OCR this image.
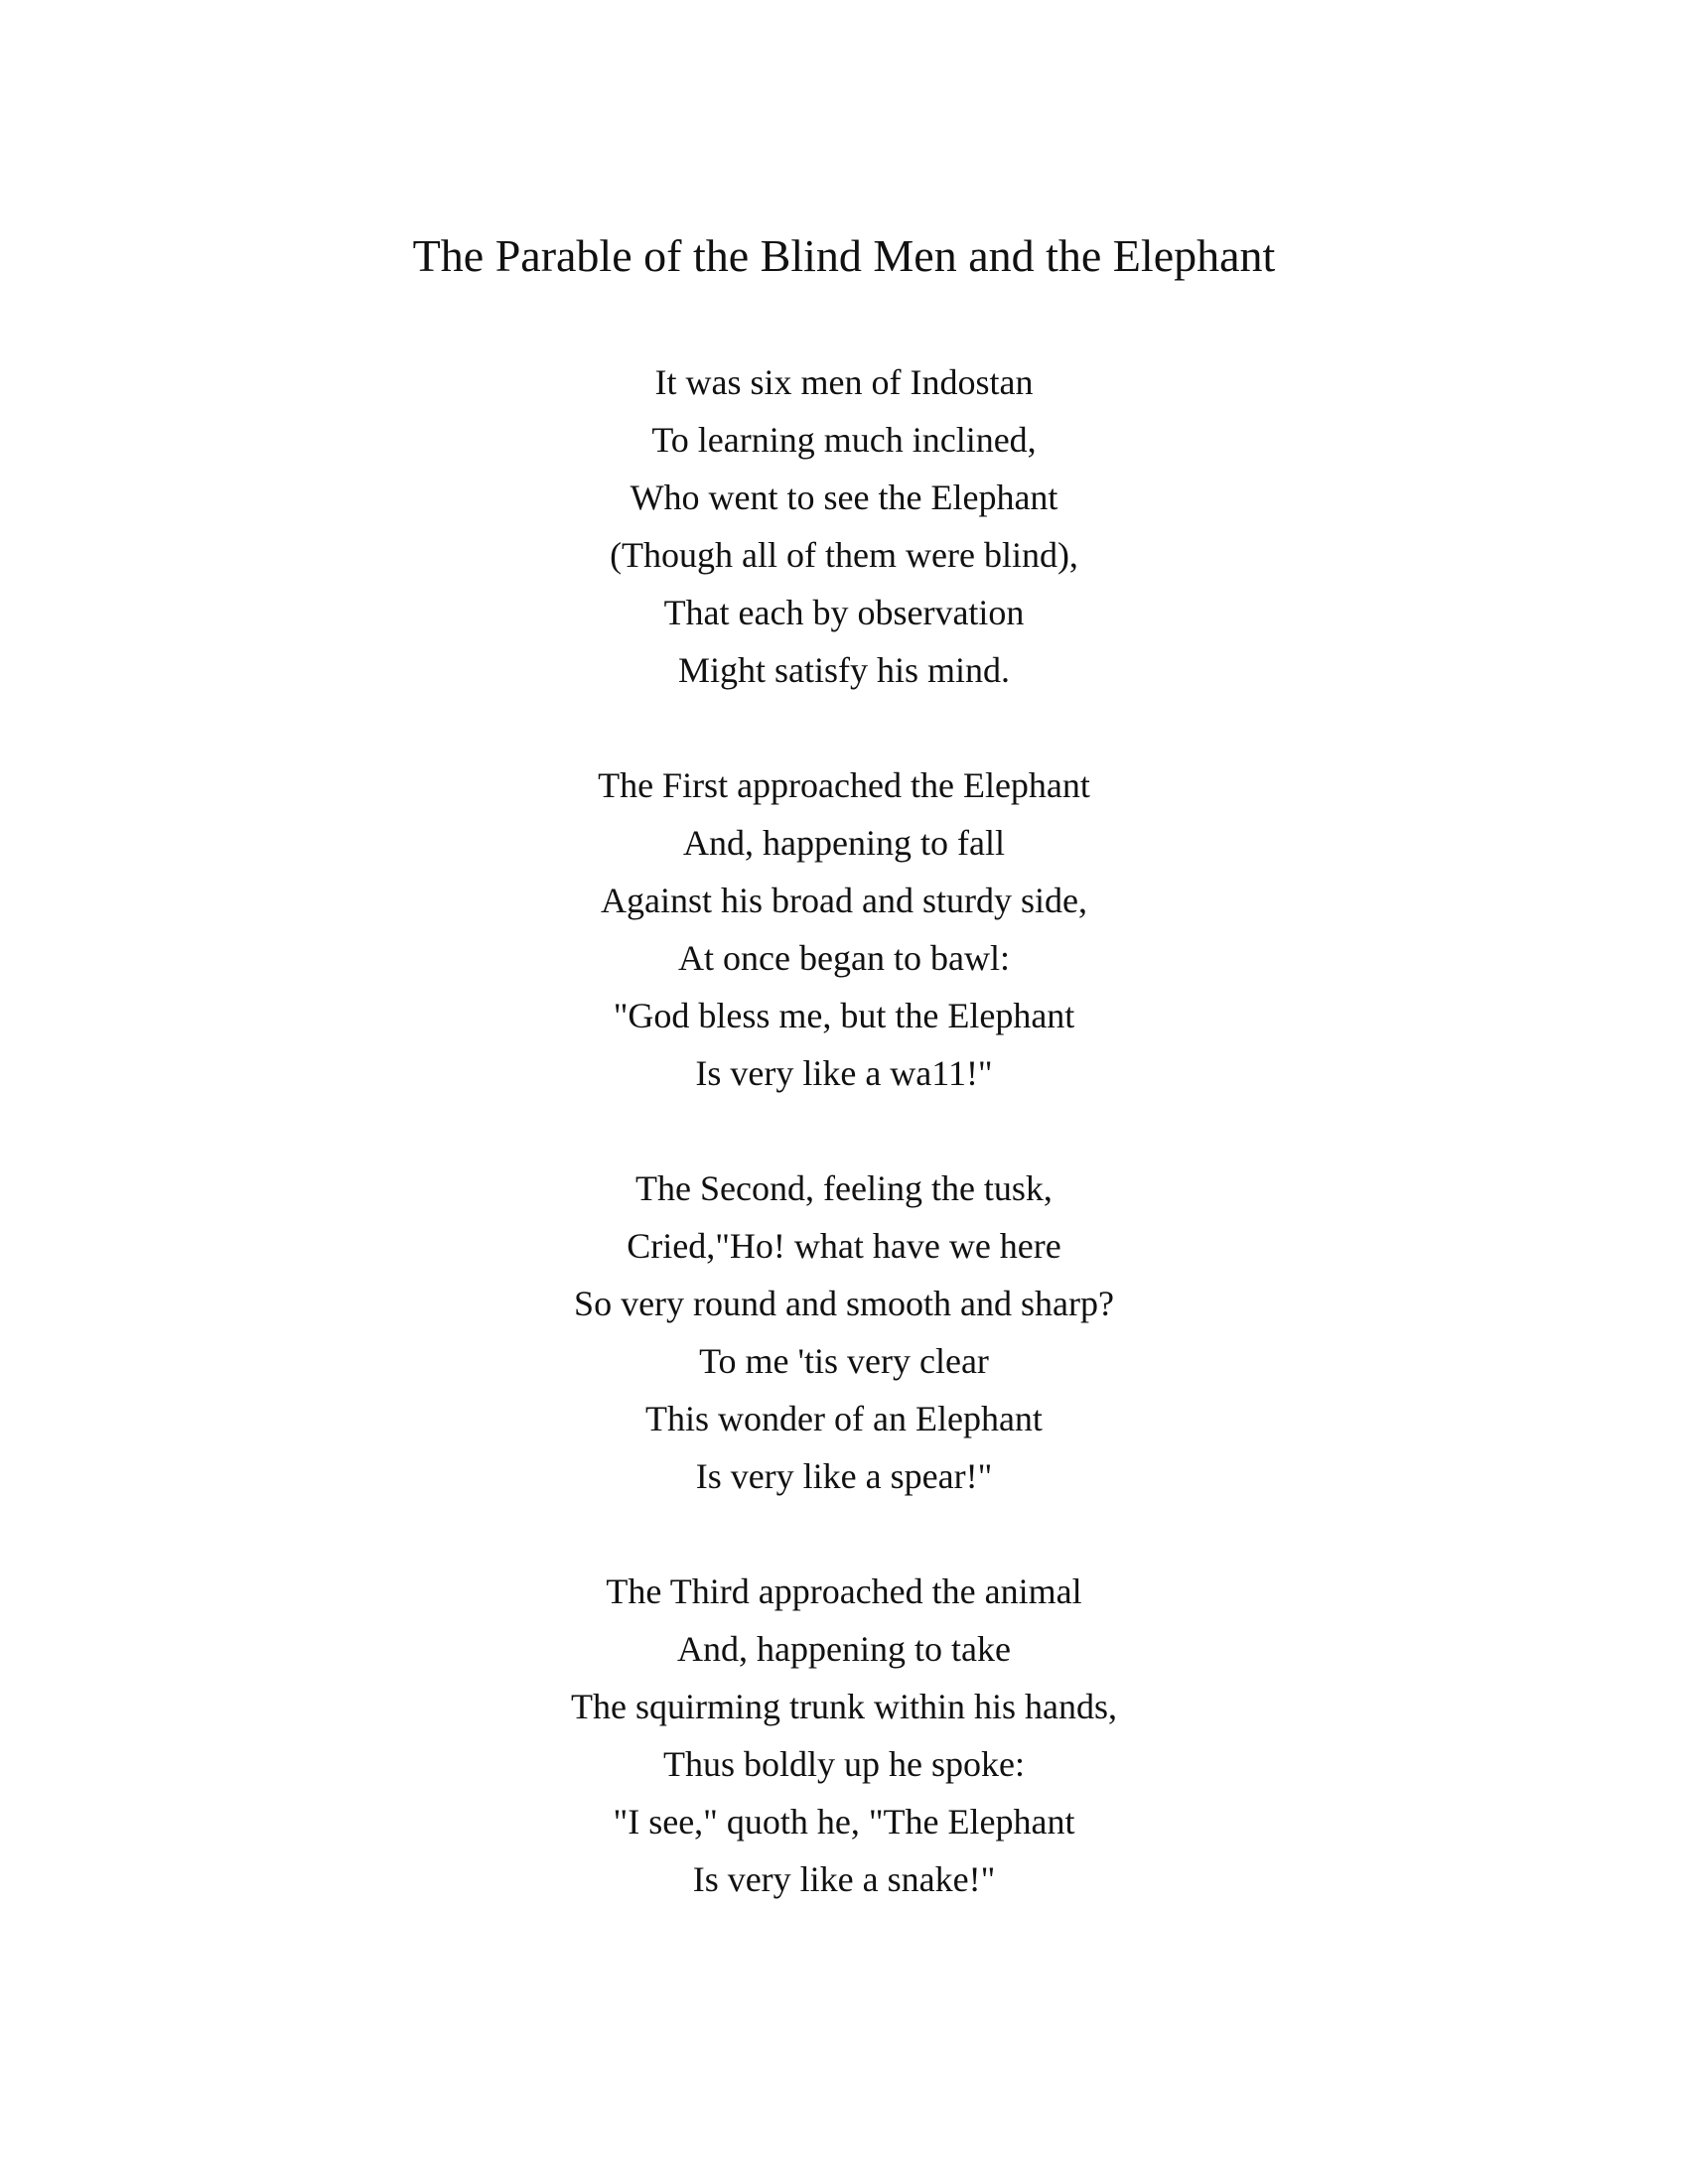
The Parable of the Blind Men and the Elephant
It was six men of Indostan
To learning much inclined,
Who went to see the Elephant
(Though all of them were blind),
That each by observation
Might satisfy his mind.
The First approached the Elephant
And, happening to fall
Against his broad and sturdy side,
At once began to bawl:
"God bless me, but the Elephant
Is very like a wa11!"
The Second, feeling the tusk,
Cried,"Ho! what have we here
So very round and smooth and sharp?
To me 'tis very clear
This wonder of an Elephant
Is very like a spear!"
The Third approached the animal
And, happening to take
The squirming trunk within his hands,
Thus boldly up he spoke:
"I see," quoth he, "The Elephant
Is very like a snake!"
